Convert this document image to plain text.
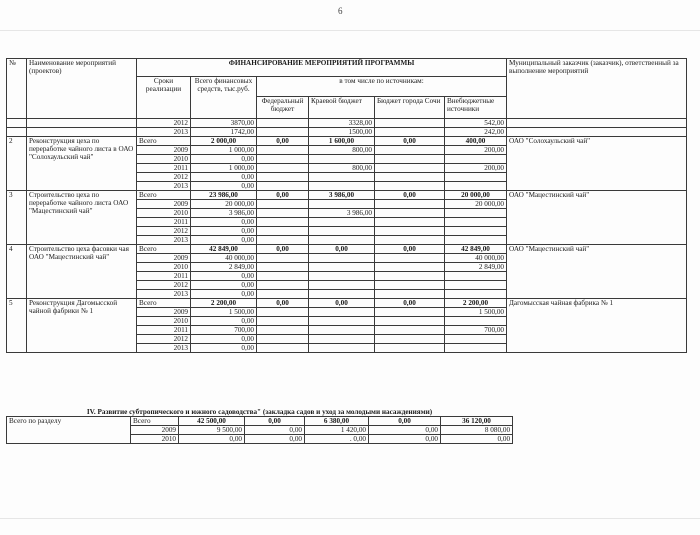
6
№	Наименование мероприятий (проектов)	ФИНАНСИРОВАНИЕ МЕРОПРИЯТИЙ ПРОГРАММЫ						Муниципальный заказчик (заказчик), ответственный за выполнение мероприятий
		Сроки реализации	Всего финансовых средств, тыс.руб.	в том числе по источникам:				
				Федеральный бюджет	Краевой бюджет	Бюджет города Сочи	Внебюджетные источники	
		2012	3870,00		3328,00		542,00	
		2013	1742,00		1500,00		242,00	
2	Реконструкция цеха по переработке чайного листа в ОАО "Солохаульский чай"	Всего	2 000,00	0,00	1 600,00	0,00	400,00	ОАО "Солохаульский чай"
		2009	1 000,00		800,00		200,00	
		2010	0,00					
		2011	1 000,00		800,00		200,00	
		2012	0,00					
		2013	0,00					
3	Строительство цеха по переработке чайного листа ОАО "Мацестинский чай"	Всего	23 986,00	0,00	3 986,00	0,00	20 000,00	ОАО "Мацестинский чай"
		2009	20 000,00				20 000,00	
		2010	3 986,00		3 986,00			
		2011	0,00					
		2012	0,00					
		2013	0,00					
4	Строительство цеха фасовки чая ОАО "Мацестинский чай"	Всего	42 849,00	0,00	0,00	0,00	42 849,00	ОАО "Мацестинский чай"
		2009	40 000,00				40 000,00	
		2010	2 849,00				2 849,00	
		2011	0,00					
		2012	0,00					
		2013	0,00					
5	Реконструкция Дагомысской чайной фабрики № 1	Всего	2 200,00	0,00	0,00	0,00	2 200,00	Дагомысская чайная фабрика № 1
		2009	1 500,00				1 500,00	
		2010	0,00					
		2011	700,00				700,00	
		2012	0,00					
		2013	0,00					
IV. Развитие субтропического и южного садоводства" (закладка садов и уход за молодыми насаждениями)						
Всего по разделу	Всего	42 500,00	0,00	6 380,00	0,00	36 120,00
	2009	9 500,00	0,00	1 420,00	0,00	8 080,00
	2010	0,00	0,00	. 0,00	0,00	0,00
